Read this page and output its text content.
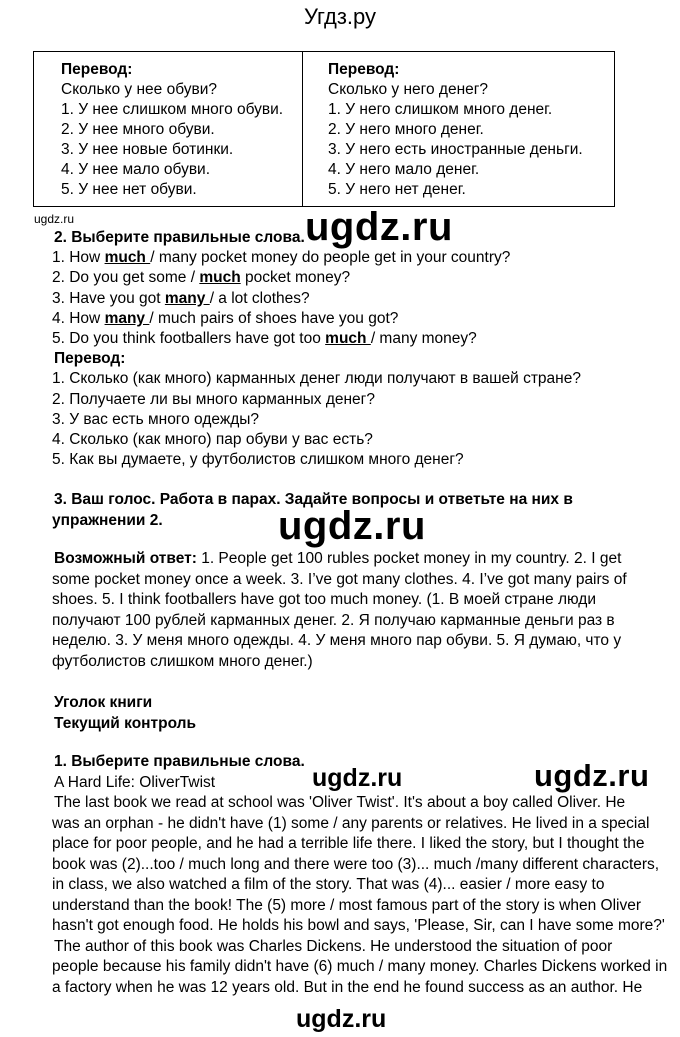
Угдз.ру
Перевод:
Сколько у нее обуви?
1. У нее слишком много обуви.
2. У нее много обуви.
3. У нее новые ботинки.
4. У нее мало обуви.
5. У нее нет обуви.
Перевод:
Сколько у него денег?
1. У него слишком много денег.
2. У него много денег.
3. У него есть иностранные деньги.
4. У него мало денег.
5. У него нет денег.
ugdz.ru	ugdz.ru
ugdz.ru
ugdz.ru	ugdz.ru
ugdz.ru
2. Выберите правильные слова.
1. How much / many pocket money do people get in your country?
2. Do you get some / much pocket money?
3. Have you got many / a lot clothes?
4. How many / much pairs of shoes have you got?
5. Do you think footballers have got too much / many money?
Перевод:
1. Сколько (как много) карманных денег люди получают в вашей стране?
2. Получаете ли вы много карманных денег?
3. У вас есть много одежды?
4. Сколько (как много) пар обуви у вас есть?
5. Как вы думаете, у футболистов слишком много денег?
3. Ваш голос. Работа в парах. Задайте вопросы и ответьте на них в
упражнении 2.
Возможный ответ: 1. People get 100 rubles pocket money in my country. 2. I get
some pocket money once a week. 3. I’ve got many clothes. 4. I’ve got many pairs of
shoes. 5. I think footballers have got too much money. (1. В моей стране люди
получают 100 рублей карманных денег. 2. Я получаю карманные деньги раз в
неделю. 3. У меня много одежды. 4. У меня много пар обуви. 5. Я думаю, что у
футболистов слишком много денег.)
Уголок книги
Текущий контроль
1. Выберите правильные слова.
A Hard Life: OliverTwist
The last book we read at school was 'Oliver Twist'. It's about a boy called Oliver. He
was an orphan - he didn't have (1) some / any parents or relatives. He lived in a special
place for poor people, and he had a terrible life there. I liked the story, but I thought the
book was (2)...too / much long and there were too (3)... much /many different characters,
in class, we also watched a film of the story. That was (4)... easier / more easy to
understand than the book! The (5) more / most famous part of the story is when Oliver
hasn't got enough food. He holds his bowl and says, 'Please, Sir, can I have some more?'
The author of this book was Charles Dickens. He understood the situation of poor
people because his family didn't have (6) much / many money. Charles Dickens worked in
a factory when he was 12 years old. But in the end he found success as an author. He
